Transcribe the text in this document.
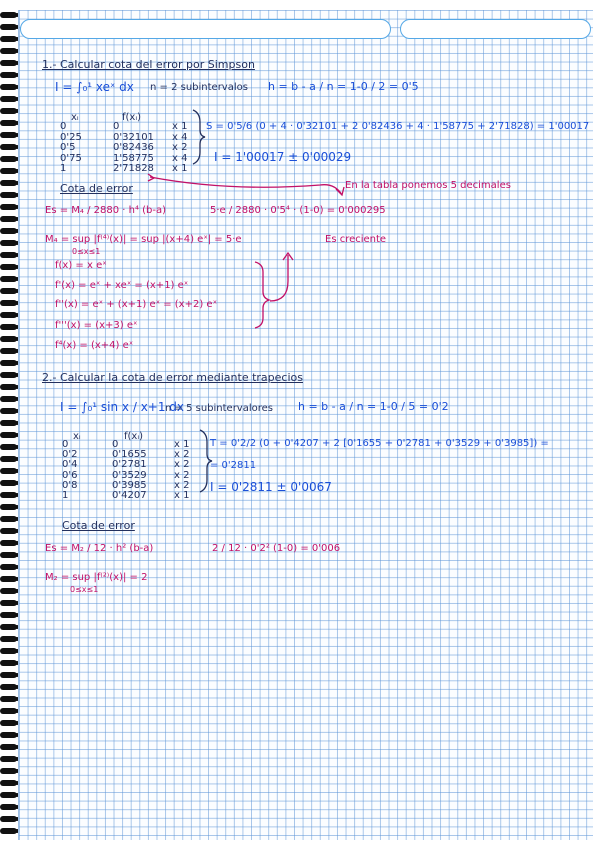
1.- Calcular cota del error por Simpson
I = ∫₀¹ xeˣ dx n = 2 subintervalos h = b - a / n = 1-0 / 2 = 0'5
xᵢ	f(xᵢ)
0	0	x 1
0'25	0'32101 x 4
0'5	0'82436 x 2
0'75	1'58775 x 4
1	2'71828 x 1
S = 0'5/6 (0 + 4 · 0'32101 + 2 0'82436 + 4 · 1'58775 + 2'71828) = 1'00017
I = 1'00017 ± 0'00029
Cota de error	En la tabla ponemos 5 decimales
Es = M₄ / 2880 · h⁴ (b-a)	5·e / 2880 · 0'5⁴ · (1-0) = 0'000295
M₄ = sup |f⁽⁴⁾(x)| = sup |(x+4) eˣ| = 5·e
0≤x≤1
Es creciente
f(x) = x eˣ
f'(x) = eˣ + xeˣ = (x+1) eˣ
f''(x) = eˣ + (x+1) eˣ = (x+2) eˣ
f'''(x) = (x+3) eˣ
f⁴(x) = (x+4) eˣ
2.- Calcular la cota de error mediante trapecios
I = ∫₀¹ sin x / x+1 dx
n = 5 subintervalores h = b - a / n = 1-0 / 5 = 0'2
xᵢ	f(xᵢ)
0	0	x 1
0'2	0'1655	x 2
0'4	0'2781	x 2
0'6	0'3529	x 2
0'8	0'3985	x 2
1	0'4207	x 1
T = 0'2/2 (0 + 0'4207 + 2 [0'1655 + 0'2781 + 0'3529 + 0'3985]) =
= 0'2811
I = 0'2811 ± 0'0067
Cota de error
Es = M₂ / 12 · h² (b-a)	2 / 12 · 0'2² (1-0) = 0'006
M₂ = sup |f⁽²⁾(x)| = 2
0≤x≤1
